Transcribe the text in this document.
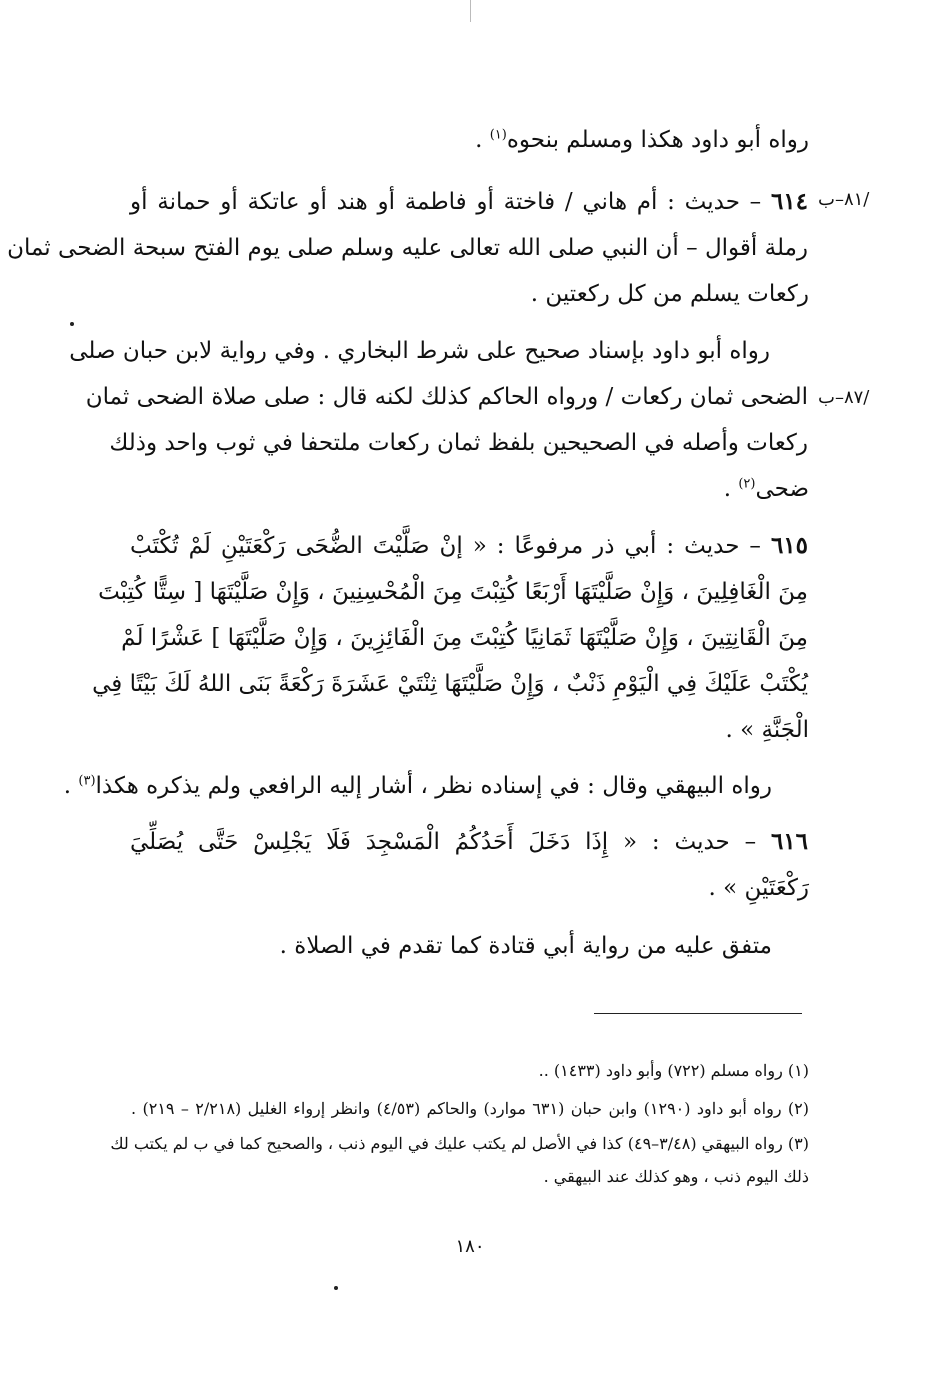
رواه أبو داود هكذا ومسلم بنحوه$^{(١)}$ .
/٨١–ب
٦١٤ – حديث : أم هاني / فاختة أو فاطمة أو هند أو عاتكة أو حمانة أو
رملة أقوال – أن النبي صلى الله تعالى عليه وسلم صلى يوم الفتح سبحة الضحى ثمان
ركعات يسلم من كل ركعتين .
رواه أبو داود بإسناد صحيح على شرط البخاري . وفي رواية لابن حبان صلى
/٨٧–ب
الضحى ثمان ركعات / ورواه الحاكم كذلك لكنه قال : صلى صلاة الضحى ثمان
ركعات وأصله في الصحيحين بلفظ ثمان ركعات ملتحفا في ثوب واحد وذلك
ضحى$^{(٢)}$ .
٦١٥ – حديث : أبي ذر مرفوعًا : « إنْ صَلَّيْتَ الضُّحَى رَكْعَتَيْنِ لَمْ تُكْتَبْ
مِنَ الْغَافِلِينَ ، وَإِنْ صَلَّيْتَهَا أَرْبَعًا كُتِبْتَ مِنَ الْمُحْسِنِينَ ، وَإِنْ صَلَّيْتَهَا [ سِتًّا كُتِبْتَ
مِنَ الْقَانِتِينَ ، وَإِنْ صَلَّيْتَهَا ثَمَانِيًا كُتِبْتَ مِنَ الْفَائِزِينَ ، وَإِنْ صَلَّيْتَهَا ] عَشْرًا لَمْ
يُكْتَبْ عَلَيْكَ فِي الْيَوْمِ ذَنْبٌ ، وَإِنْ صَلَّيْتَهَا ثِنْتَيْ عَشَرَةَ رَكْعَةً بَنَى اللهُ لَكَ بَيْتًا فِي
الْجَنَّةِ » .
رواه البيهقي وقال : في إسناده نظر ، أشار إليه الرافعي ولم يذكره هكذا$^{(٣)}$ .
٦١٦ – حديث : « إِذَا دَخَلَ أَحَدُكُمُ الْمَسْجِدَ فَلَا يَجْلِسْ حَتَّى يُصَلِّيَ
رَكْعَتَيْنِ » .
متفق عليه من رواية أبي قتادة كما تقدم في الصلاة .
(١) رواه مسلم (٧٢٢) وأبو داود (١٤٣٣) ..
(٢) رواه أبو داود (١٢٩٠) وابن حبان (٦٣١ موارد) والحاكم (٤/٥٣) وانظر إرواء الغليل (٢/٢١٨ – ٢١٩) .
(٣) رواه البيهقي (٣/٤٨–٤٩) كذا في الأصل لم يكتب عليك في اليوم ذنب ، والصحيح كما في ب لم يكتب لك
ذلك اليوم ذنب ، وهو كذلك عند البيهقي .
١٨٠
